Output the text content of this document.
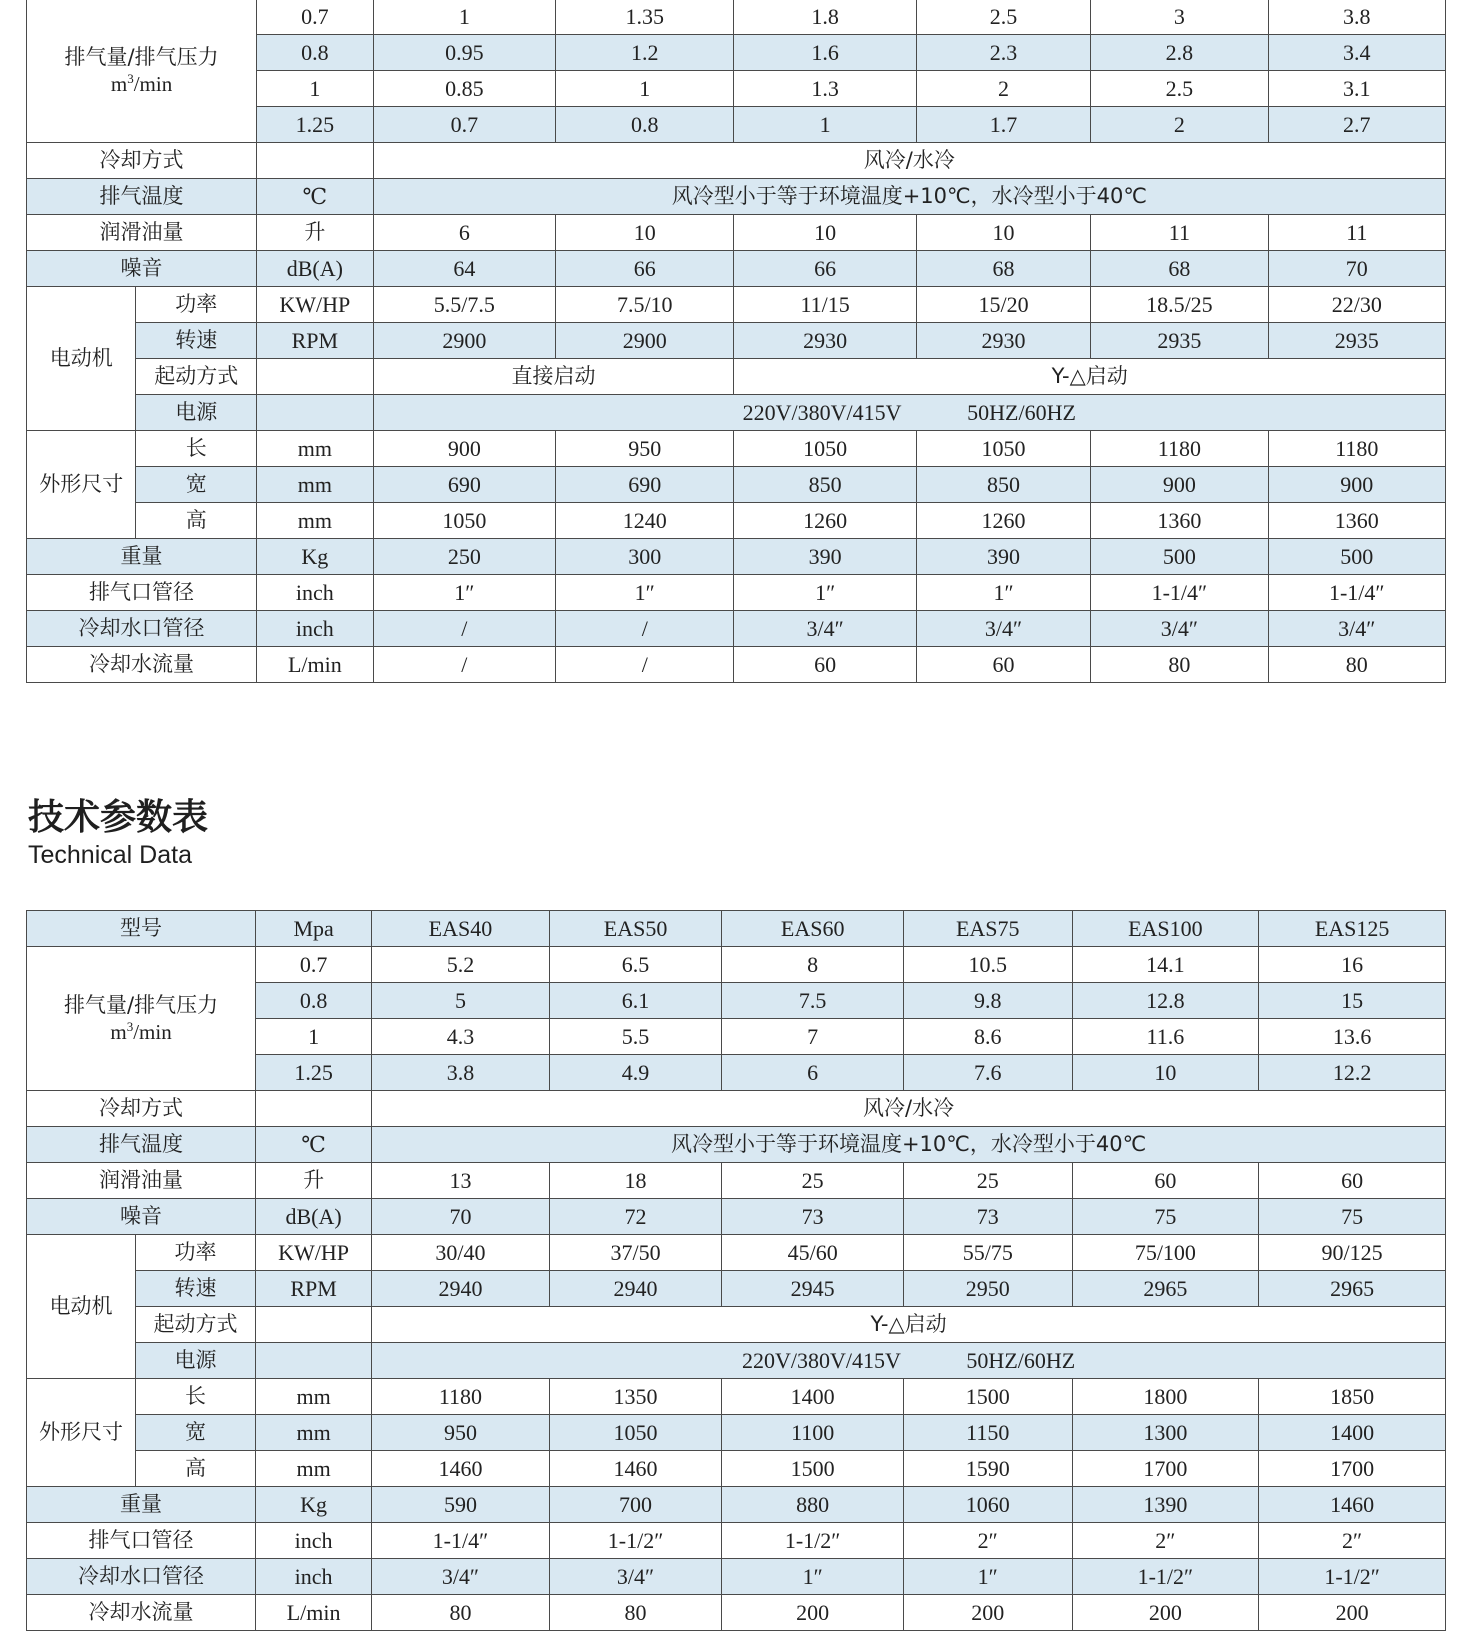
排气量/排气压力
$m^3/\min$		0.7	1	1.35	1.8	2.5	3	3.8
		0.8	0.95	1.2	1.6	2.3	2.8	3.4
		1	0.85	1	1.3	2	2.5	3.1
		1.25	0.7	0.8	1	1.7	2	2.7
冷却方式			风冷/水冷					
排气温度		℃	风冷型小于等于环境温度+10℃，水冷型小于40℃					
润滑油量		升	6	10	10	10	11	11
噪音		dB(A)	64	66	66	68	68	70
电动机	功率	KW/HP	5.5/7.5	7.5/10	11/15	15/20	18.5/25	22/30
	转速	RPM	2900	2900	2930	2930	2935	2935
	起动方式		直接启动		Y-△启动			
	电源		220V/380V/415V　　　50HZ/60HZ					
外形尺寸	长	mm	900	950	1050	1050	1180	1180
	宽	mm	690	690	850	850	900	900
	高	mm	1050	1240	1260	1260	1360	1360
重量		Kg	250	300	390	390	500	500
排气口管径		inch	1″	1″	1″	1″	1-1/4″	1-1/4″
冷却水口管径		inch	/	/	3/4″	3/4″	3/4″	3/4″
冷却水流量		L/min	/	/	60	60	80	80
技术参数表
Technical Data
型号		Mpa	EAS40	EAS50	EAS60	EAS75	EAS100	EAS125

排气量/排气压力
$m^3/\min$		0.7	5.2	6.5	8	10.5	14.1	16
		0.8	5	6.1	7.5	9.8	12.8	15
		1	4.3	5.5	7	8.6	11.6	13.6
		1.25	3.8	4.9	6	7.6	10	12.2
冷却方式			风冷/水冷					
排气温度		℃	风冷型小于等于环境温度+10℃，水冷型小于40℃					
润滑油量		升	13	18	25	25	60	60
噪音		dB(A)	70	72	73	73	75	75
电动机	功率	KW/HP	30/40	37/50	45/60	55/75	75/100	90/125
	转速	RPM	2940	2940	2945	2950	2965	2965
	起动方式		Y-△启动					
	电源		220V/380V/415V　　　50HZ/60HZ					
外形尺寸	长	mm	1180	1350	1400	1500	1800	1850
	宽	mm	950	1050	1100	1150	1300	1400
	高	mm	1460	1460	1500	1590	1700	1700
重量		Kg	590	700	880	1060	1390	1460
排气口管径		inch	1-1/4″	1-1/2″	1-1/2″	2″	2″	2″
冷却水口管径		inch	3/4″	3/4″	1″	1″	1-1/2″	1-1/2″
冷却水流量		L/min	80	80	200	200	200	200
